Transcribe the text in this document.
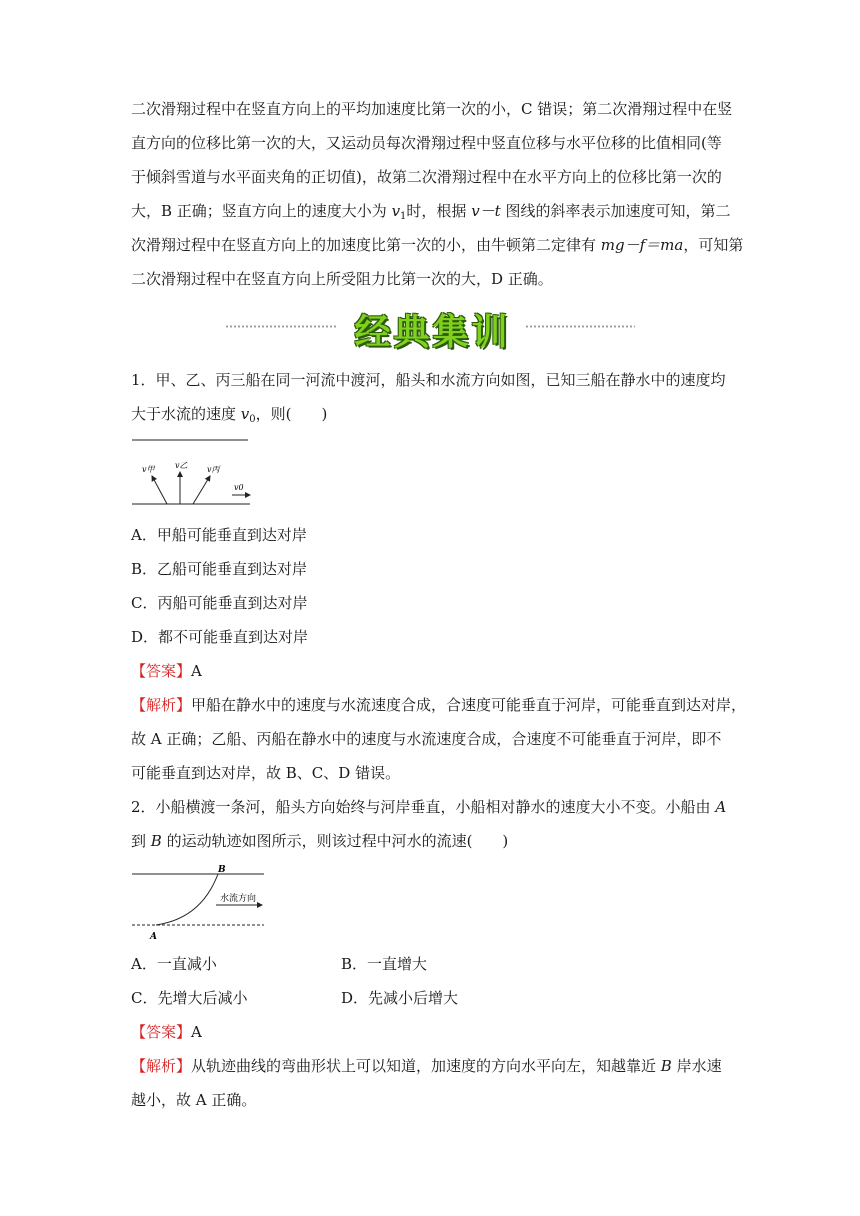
二次滑翔过程中在竖直方向上的平均加速度比第一次的小，C 错误；第二次滑翔过程中在竖
直方向的位移比第一次的大，又运动员每次滑翔过程中竖直位移与水平位移的比值相同(等
于倾斜雪道与水平面夹角的正切值)，故第二次滑翔过程中在水平方向上的位移比第一次的
大，B 正确；竖直方向上的速度大小为 $v_1$时，根据 v－t 图线的斜率表示加速度可知，第二
次滑翔过程中在竖直方向上的加速度比第一次的小，由牛顿第二定律有 mg－f＝ma，可知第
二次滑翔过程中在竖直方向上所受阻力比第一次的大，D 正确。
经典集训
1．甲、乙、丙三船在同一河流中渡河，船头和水流方向如图，已知三船在静水中的速度均
大于水流的速度 $v_0$，则(　　)
v甲	v乙 v丙
v0
A．甲船可能垂直到达对岸
B．乙船可能垂直到达对岸
C．丙船可能垂直到达对岸
D．都不可能垂直到达对岸
【答案】A
【解析】甲船在静水中的速度与水流速度合成，合速度可能垂直于河岸，可能垂直到达对岸，
故 A 正确；乙船、丙船在静水中的速度与水流速度合成，合速度不可能垂直于河岸，即不
可能垂直到达对岸，故 B、C、D 错误。
2．小船横渡一条河，船头方向始终与河岸垂直，小船相对静水的速度大小不变。小船由 A
到 B 的运动轨迹如图所示，则该过程中河水的流速(　　)
B
A
水流方向
A．一直减小	B．一直增大
C．先增大后减小	D．先减小后增大
【答案】A
【解析】从轨迹曲线的弯曲形状上可以知道，加速度的方向水平向左，知越靠近 B 岸水速
越小，故 A 正确。
